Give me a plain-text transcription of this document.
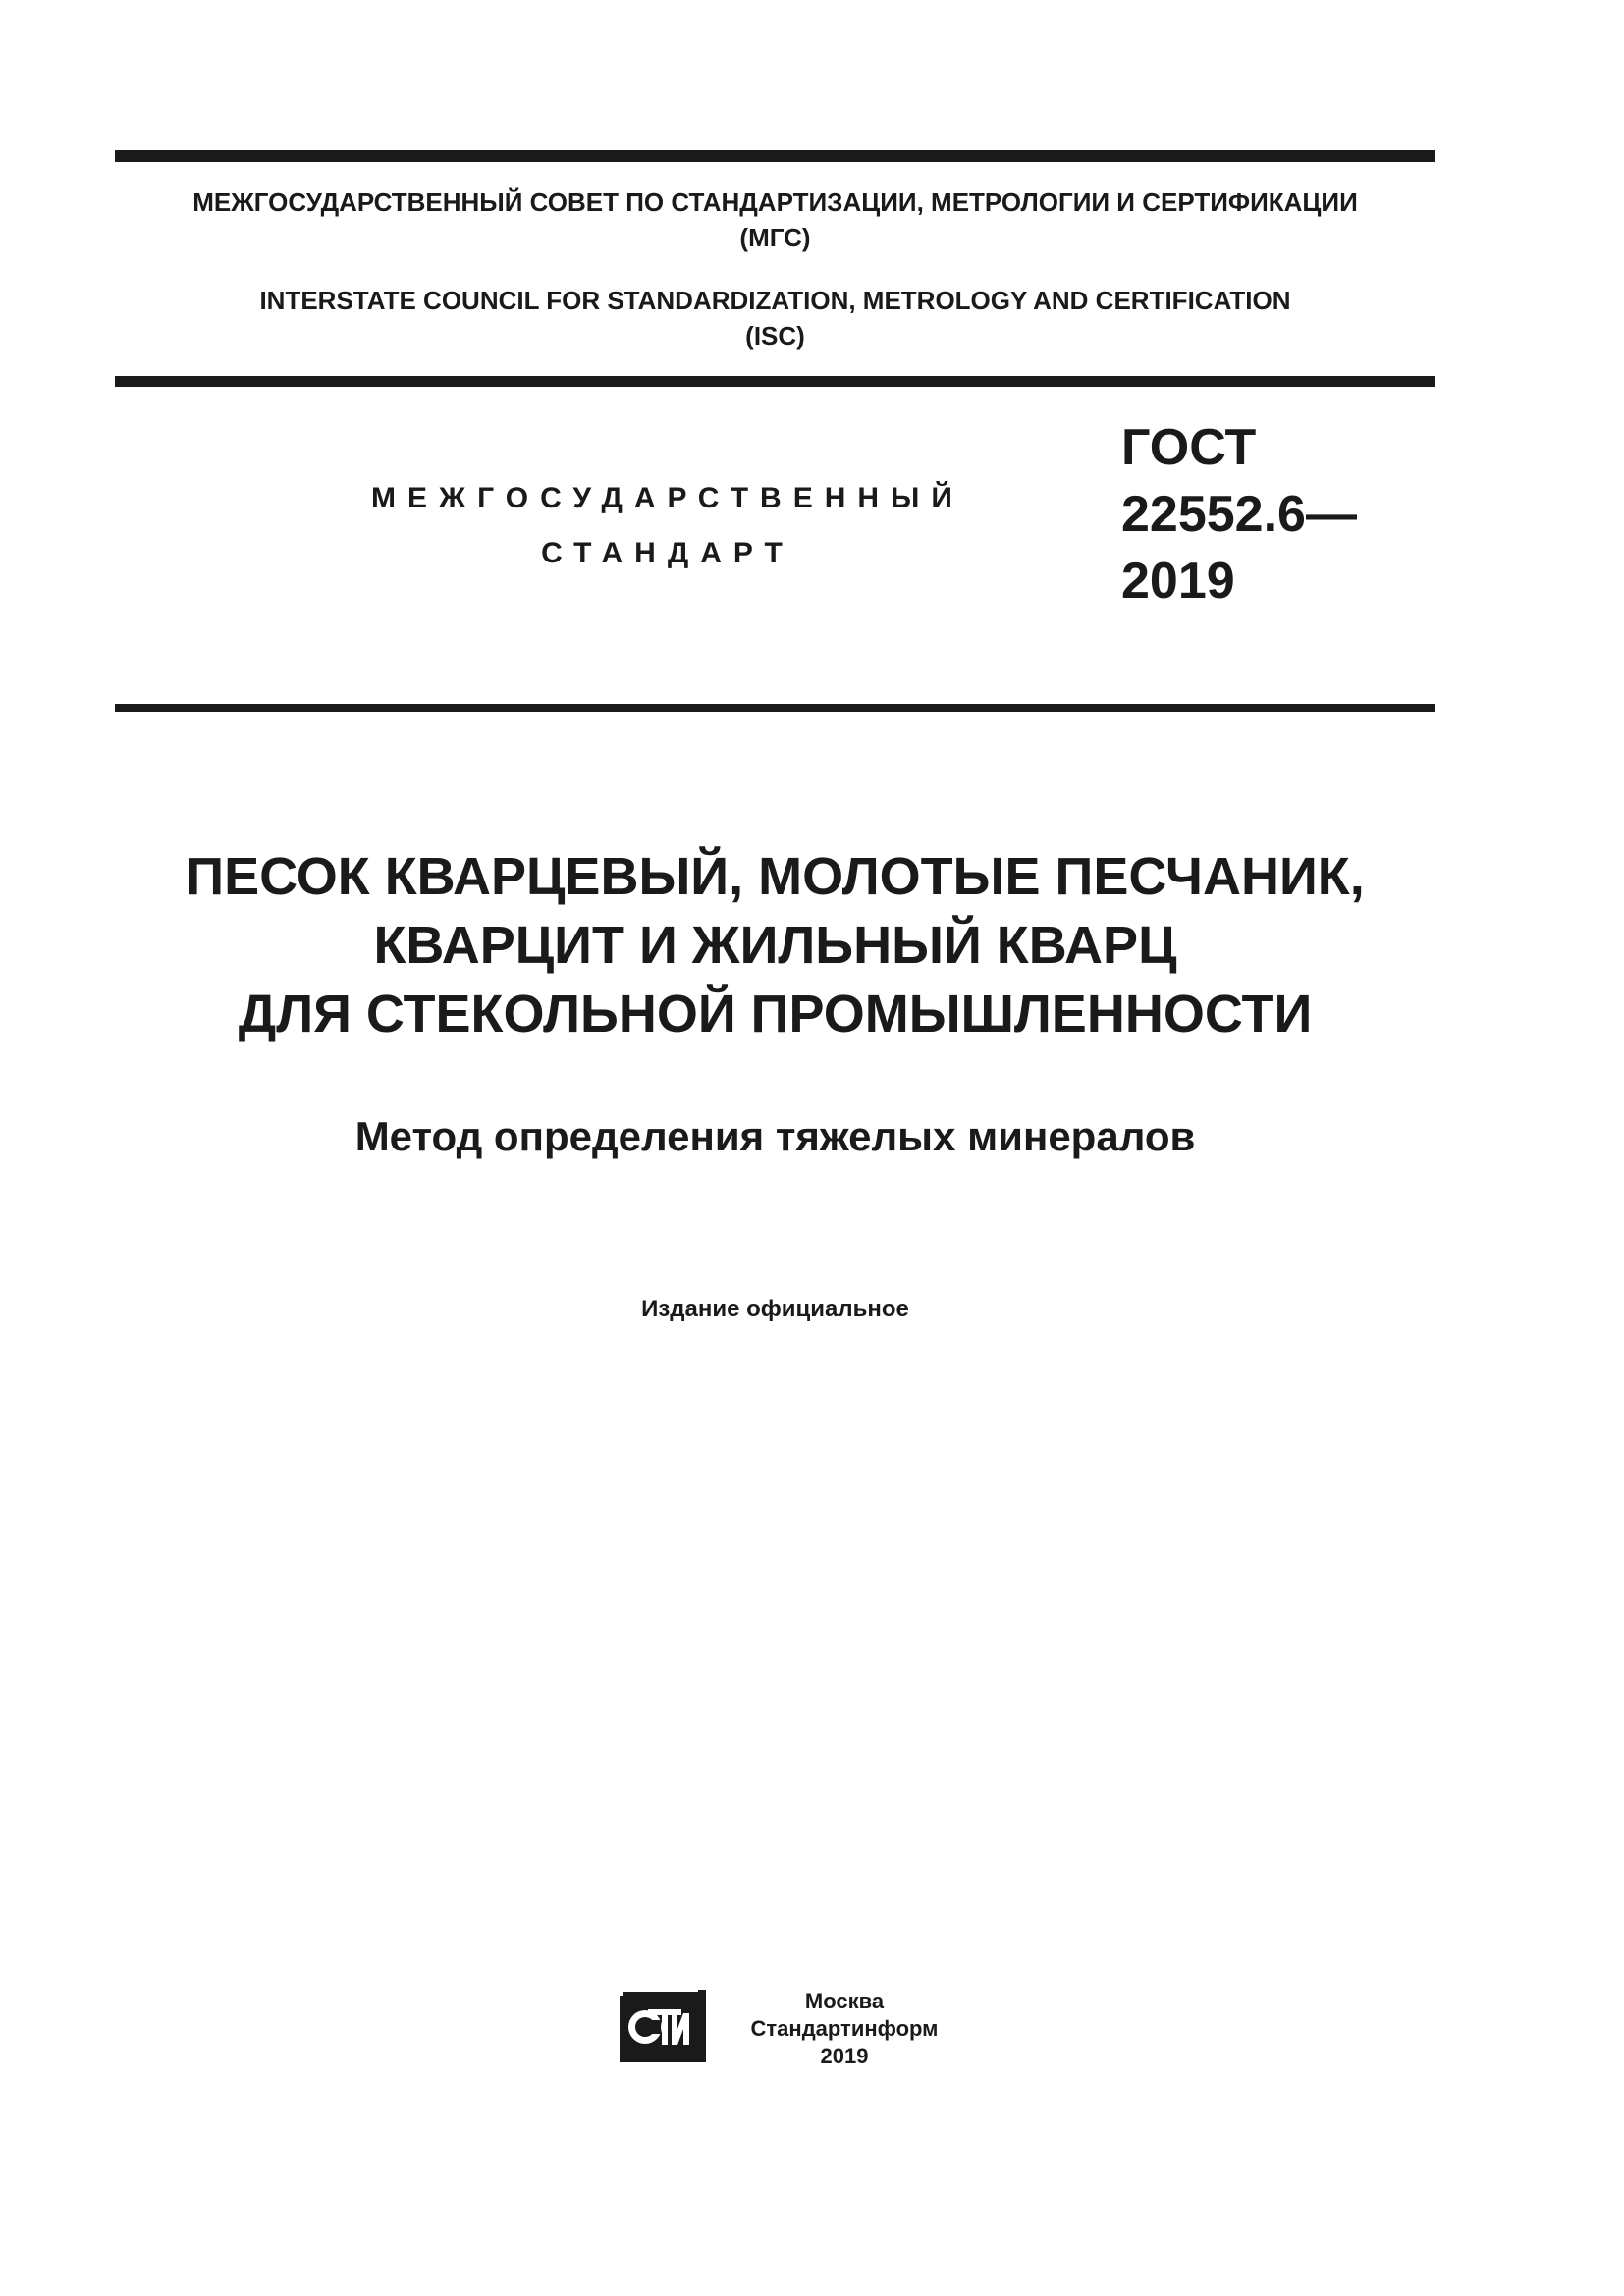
МЕЖГОСУДАРСТВЕННЫЙ СОВЕТ ПО СТАНДАРТИЗАЦИИ, МЕТРОЛОГИИ И СЕРТИФИКАЦИИ
(МГС)
INTERSTATE COUNCIL FOR STANDARDIZATION, METROLOGY AND CERTIFICATION
(ISC)
МЕЖГОСУДАРСТВЕННЫЙ
СТАНДАРТ
ГОСТ
22552.6—
2019
ПЕСОК КВАРЦЕВЫЙ, МОЛОТЫЕ ПЕСЧАНИК,
КВАРЦИТ И ЖИЛЬНЫЙ КВАРЦ
ДЛЯ СТЕКОЛЬНОЙ ПРОМЫШЛЕННОСТИ
Метод определения тяжелых минералов
Издание официальное
Москва
Стандартинформ
2019
